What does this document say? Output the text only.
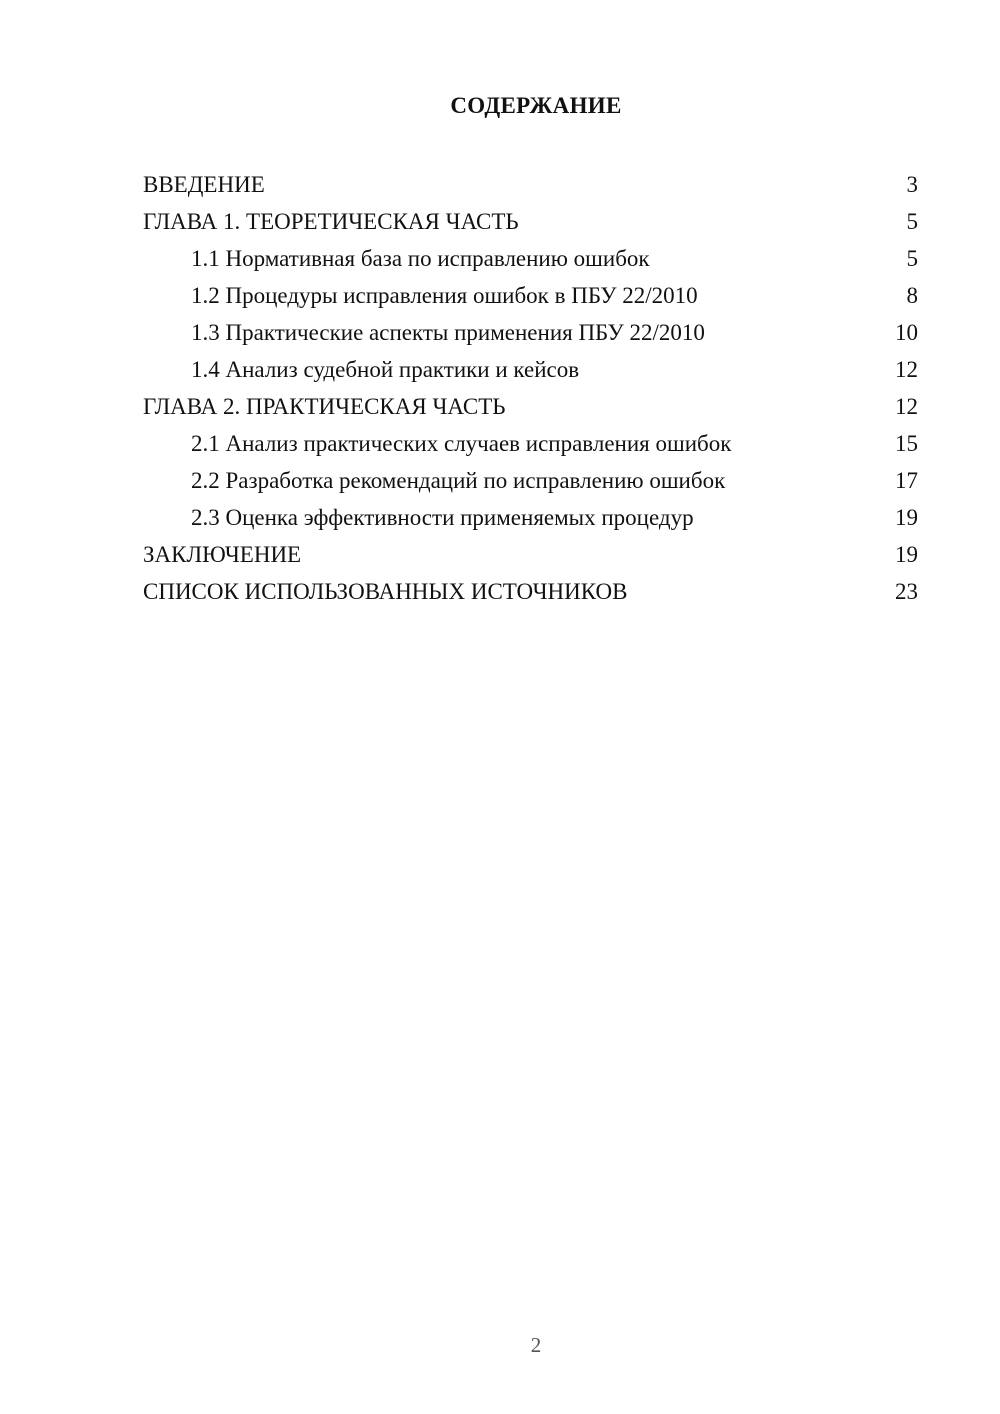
СОДЕРЖАНИЕ
ВВЕДЕНИЕ	3
ГЛАВА 1. ТЕОРЕТИЧЕСКАЯ ЧАСТЬ	5
1.1 Нормативная база по исправлению ошибок	5
1.2 Процедуры исправления ошибок в ПБУ 22/2010	8
1.3 Практические аспекты применения ПБУ 22/2010	10
1.4 Анализ судебной практики и кейсов	12
ГЛАВА 2. ПРАКТИЧЕСКАЯ ЧАСТЬ	12
2.1 Анализ практических случаев исправления ошибок	15
2.2 Разработка рекомендаций по исправлению ошибок	17
2.3 Оценка эффективности применяемых процедур	19
ЗАКЛЮЧЕНИЕ	19
СПИСОК ИСПОЛЬЗОВАННЫХ ИСТОЧНИКОВ	23
2
